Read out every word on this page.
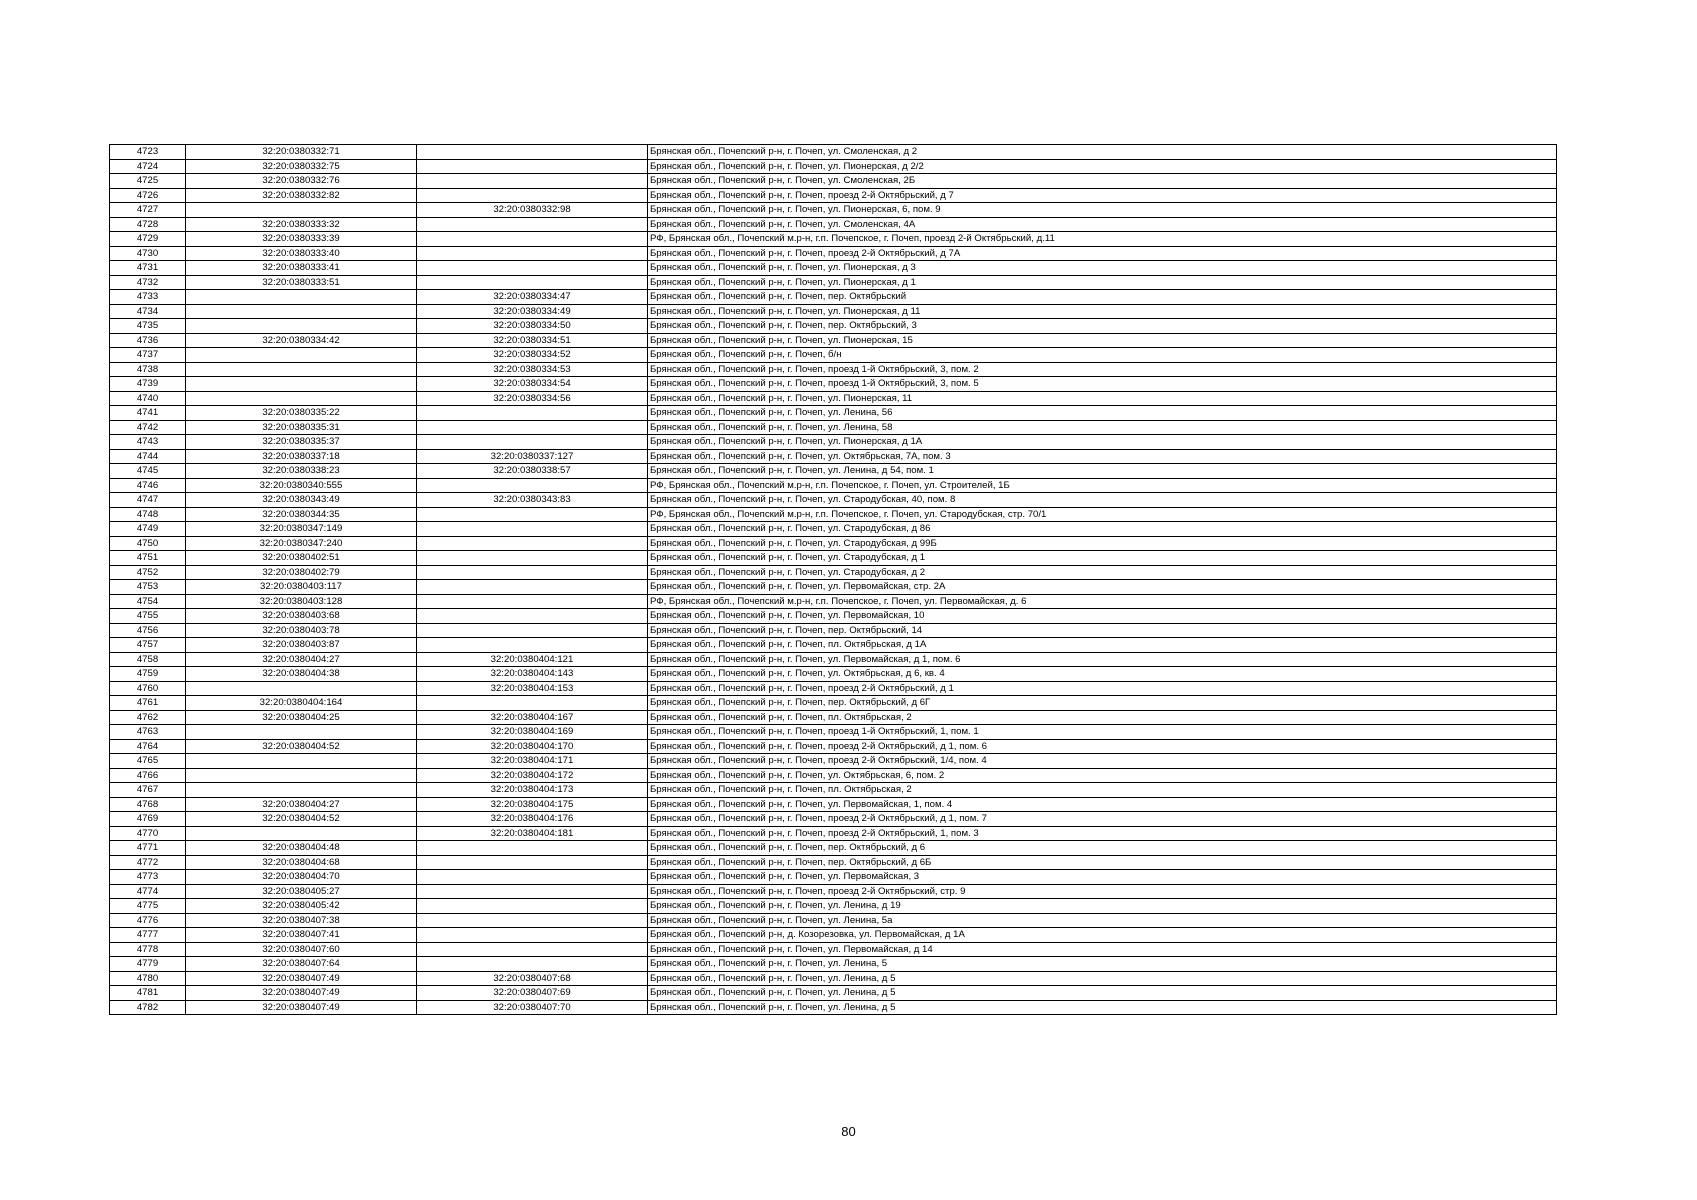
4723	32:20:0380332:71		Брянская обл., Почепский р-н, г. Почеп, ул. Смоленская, д 2
4724	32:20:0380332:75		Брянская обл., Почепский р-н, г. Почеп, ул. Пионерская, д 2/2
4725	32:20:0380332:76		Брянская обл., Почепский р-н, г. Почеп, ул. Смоленская, 2Б
4726	32:20:0380332:82		Брянская обл., Почепский р-н, г. Почеп, проезд 2-й Октябрьский, д 7
4727		32:20:0380332:98	Брянская обл., Почепский р-н, г. Почеп, ул. Пионерская, 6, пом. 9
4728	32:20:0380333:32		Брянская обл., Почепский р-н, г. Почеп, ул. Смоленская, 4А
4729	32:20:0380333:39		РФ, Брянская обл., Почепский м.р-н, г.п. Почепское, г. Почеп, проезд 2-й Октябрьский, д.11
4730	32:20:0380333:40		Брянская обл., Почепский р-н, г. Почеп, проезд 2-й Октябрьский, д 7А
4731	32:20:0380333:41		Брянская обл., Почепский р-н, г. Почеп, ул. Пионерская, д 3
4732	32:20:0380333:51		Брянская обл., Почепский р-н, г. Почеп, ул. Пионерская, д 1
4733		32:20:0380334:47	Брянская обл., Почепский р-н, г. Почеп, пер. Октябрьский
4734		32:20:0380334:49	Брянская обл., Почепский р-н, г. Почеп, ул. Пионерская, д 11
4735		32:20:0380334:50	Брянская обл., Почепский р-н, г. Почеп, пер. Октябрьский, 3
4736	32:20:0380334:42	32:20:0380334:51	Брянская обл., Почепский р-н, г. Почеп, ул. Пионерская, 15
4737		32:20:0380334:52	Брянская обл., Почепский р-н, г. Почеп, б/н
4738		32:20:0380334:53	Брянская обл., Почепский р-н, г. Почеп, проезд 1-й Октябрьский, 3, пом. 2
4739		32:20:0380334:54	Брянская обл., Почепский р-н, г. Почеп, проезд 1-й Октябрьский, 3, пом. 5
4740		32:20:0380334:56	Брянская обл., Почепский р-н, г. Почеп, ул. Пионерская, 11
4741	32:20:0380335:22		Брянская обл., Почепский р-н, г. Почеп, ул. Ленина, 56
4742	32:20:0380335:31		Брянская обл., Почепский р-н, г. Почеп, ул. Ленина, 58
4743	32:20:0380335:37		Брянская обл., Почепский р-н, г. Почеп, ул. Пионерская, д 1А
4744	32:20:0380337:18	32:20:0380337:127	Брянская обл., Почепский р-н, г. Почеп, ул. Октябрьская, 7А, пом. 3
4745	32:20:0380338:23	32:20:0380338:57	Брянская обл., Почепский р-н, г. Почеп, ул. Ленина, д 54, пом. 1
4746	32:20:0380340:555		РФ, Брянская обл., Почепский м.р-н, г.п. Почепское, г. Почеп, ул. Строителей, 1Б
4747	32:20:0380343:49	32:20:0380343:83	Брянская обл., Почепский р-н, г. Почеп, ул. Стародубская, 40, пом. 8
4748	32:20:0380344:35		РФ, Брянская обл., Почепский м.р-н, г.п. Почепское, г. Почеп, ул. Стародубская, стр. 70/1
4749	32:20:0380347:149		Брянская обл., Почепский р-н, г. Почеп, ул. Стародубская, д 86
4750	32:20:0380347:240		Брянская обл., Почепский р-н, г. Почеп, ул. Стародубская, д 99Б
4751	32:20:0380402:51		Брянская обл., Почепский р-н, г. Почеп, ул. Стародубская, д 1
4752	32:20:0380402:79		Брянская обл., Почепский р-н, г. Почеп, ул. Стародубская, д 2
4753	32:20:0380403:117		Брянская обл., Почепский р-н, г. Почеп, ул. Первомайская, стр. 2А
4754	32:20:0380403:128		РФ, Брянская обл., Почепский м.р-н, г.п. Почепское, г. Почеп, ул. Первомайская, д. 6
4755	32:20:0380403:68		Брянская обл., Почепский р-н, г. Почеп, ул. Первомайская, 10
4756	32:20:0380403:78		Брянская обл., Почепский р-н, г. Почеп, пер. Октябрьский, 14
4757	32:20:0380403:87		Брянская обл., Почепский р-н, г. Почеп, пл. Октябрьская, д 1А
4758	32:20:0380404:27	32:20:0380404:121	Брянская обл., Почепский р-н, г. Почеп, ул. Первомайская, д 1, пом. 6
4759	32:20:0380404:38	32:20:0380404:143	Брянская обл., Почепский р-н, г. Почеп, ул. Октябрьская, д 6, кв. 4
4760		32:20:0380404:153	Брянская обл., Почепский р-н, г. Почеп, проезд 2-й Октябрьский, д 1
4761	32:20:0380404:164		Брянская обл., Почепский р-н, г. Почеп, пер. Октябрьский, д 6Г
4762	32:20:0380404:25	32:20:0380404:167	Брянская обл., Почепский р-н, г. Почеп, пл. Октябрьская, 2
4763		32:20:0380404:169	Брянская обл., Почепский р-н, г. Почеп, проезд 1-й Октябрьский, 1, пом. 1
4764	32:20:0380404:52	32:20:0380404:170	Брянская обл., Почепский р-н, г. Почеп, проезд 2-й Октябрьский, д 1, пом. 6
4765		32:20:0380404:171	Брянская обл., Почепский р-н, г. Почеп, проезд 2-й Октябрьский, 1/4, пом. 4
4766		32:20:0380404:172	Брянская обл., Почепский р-н, г. Почеп, ул. Октябрьская, 6, пом. 2
4767		32:20:0380404:173	Брянская обл., Почепский р-н, г. Почеп, пл. Октябрьская, 2
4768	32:20:0380404:27	32:20:0380404:175	Брянская обл., Почепский р-н, г. Почеп, ул. Первомайская, 1, пом. 4
4769	32:20:0380404:52	32:20:0380404:176	Брянская обл., Почепский р-н, г. Почеп, проезд 2-й Октябрьский, д 1, пом. 7
4770		32:20:0380404:181	Брянская обл., Почепский р-н, г. Почеп, проезд 2-й Октябрьский, 1, пом. 3
4771	32:20:0380404:48		Брянская обл., Почепский р-н, г. Почеп, пер. Октябрьский, д 6
4772	32:20:0380404:68		Брянская обл., Почепский р-н, г. Почеп, пер. Октябрьский, д 6Б
4773	32:20:0380404:70		Брянская обл., Почепский р-н, г. Почеп, ул. Первомайская, 3
4774	32:20:0380405:27		Брянская обл., Почепский р-н, г. Почеп, проезд 2-й Октябрьский, стр. 9
4775	32:20:0380405:42		Брянская обл., Почепский р-н, г. Почеп, ул. Ленина, д 19
4776	32:20:0380407:38		Брянская обл., Почепский р-н, г. Почеп, ул. Ленина, 5а
4777	32:20:0380407:41		Брянская обл., Почепский р-н, д. Козорезовка, ул. Первомайская, д 1А
4778	32:20:0380407:60		Брянская обл., Почепский р-н, г. Почеп, ул. Первомайская, д 14
4779	32:20:0380407:64		Брянская обл., Почепский р-н, г. Почеп, ул. Ленина, 5
4780	32:20:0380407:49	32:20:0380407:68	Брянская обл., Почепский р-н, г. Почеп, ул. Ленина, д 5
4781	32:20:0380407:49	32:20:0380407:69	Брянская обл., Почепский р-н, г. Почеп, ул. Ленина, д 5
4782	32:20:0380407:49	32:20:0380407:70	Брянская обл., Почепский р-н, г. Почеп, ул. Ленина, д 5
80
